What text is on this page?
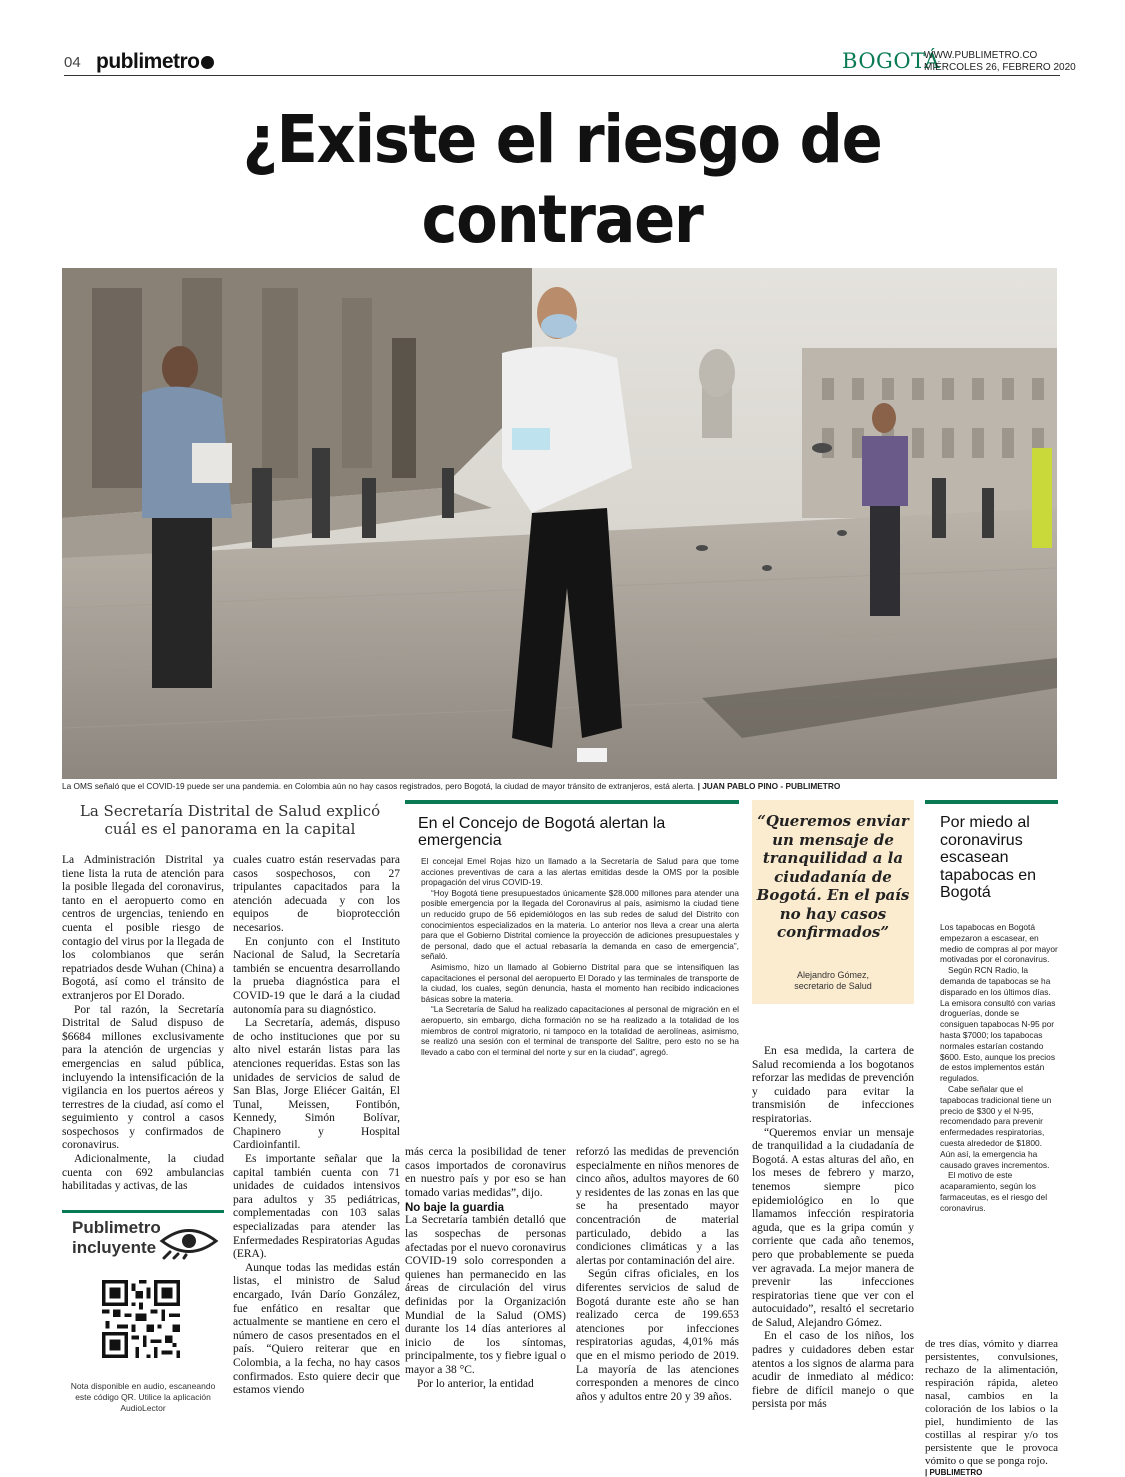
04 publimetro	BOGOTÁ
WWW.PUBLIMETRO.CO
MIÉRCOLES 26, FEBRERO 2020
¿Existe el riesgo de contraer
La OMS señaló que el COVID-19 puede ser una pandemia. en Colombia aún no hay casos registrados, pero Bogotá, la ciudad de mayor tránsito de extranjeros, está alerta. | JUAN PABLO PINO - PUBLIMETRO
La Secretaría Distrital de Salud explicó cuál es el panorama en la capital

La Administración Distrital ya tiene lista la ruta de atención para la posible llegada del coronavirus, tanto en el aeropuerto como en centros de urgencias, teniendo en cuenta el posible riesgo de contagio del virus por la llegada de los colombianos que serán repatriados desde Wuhan (China) a Bogotá, así como el tránsito de extranjeros por El Dorado.

Por tal razón, la Secretaría Distrital de Salud dispuso de $6684 millones exclusivamente para la atención de urgencias y emergencias en salud pública, incluyendo la intensificación de la vigilancia en los puertos aéreos y terrestres de la ciudad, así como el seguimiento y control a casos sospechosos y confirmados de coronavirus.

Adicionalmente, la ciudad cuenta con 692 ambulancias habilitadas y activas, de las

Publimetro
incluyente
Nota disponible en audio, escaneando este código QR. Utilice la aplicación AudioLector

cuales cuatro están reservadas para casos sospechosos, con 27 tripulantes capacitados para la atención adecuada y con los equipos de bioprotección necesarios.

En conjunto con el Instituto Nacional de Salud, la Secretaría también se encuentra desarrollando la prueba diagnóstica para el COVID-19 que le dará a la ciudad autonomía para su diagnóstico.

La Secretaría, además, dispuso de ocho instituciones que por su alto nivel estarán listas para las atenciones requeridas. Estas son las unidades de servicios de salud de San Blas, Jorge Eliécer Gaitán, El Tunal, Meissen, Fontibón, Kennedy, Simón Bolívar, Chapinero y Hospital Cardioinfantil.

Es importante señalar que la capital también cuenta con 71 unidades de cuidados intensivos para adultos y 35 pediátricas, complementadas con 103 salas especializadas para atender las Enfermedades Respiratorias Agudas (ERA).

Aunque todas las medidas están listas, el ministro de Salud encargado, Iván Darío González, fue enfático en resaltar que actualmente se mantiene en cero el número de casos presentados en el país. “Quiero reiterar que en Colombia, a la fecha, no hay casos confirmados. Esto quiere decir que estamos viendo

En el Concejo de Bogotá alertan la emergencia

El concejal Emel Rojas hizo un llamado a la Secretaría de Salud para que tome acciones preventivas de cara a las alertas emitidas desde la OMS por la posible propagación del virus COVID-19.

“Hoy Bogotá tiene presupuestados únicamente $28.000 millones para atender una posible emergencia por la llegada del Coronavirus al país, asimismo la ciudad tiene un reducido grupo de 56 epidemiólogos en las sub redes de salud del Distrito con conocimientos especializados en la materia. Lo anterior nos lleva a crear una alerta para que el Gobierno Distrital comience la proyección de adiciones presupuestales y de personal, dado que el actual rebasaría la demanda en caso de emergencia”, señaló.

Asimismo, hizo un llamado al Gobierno Distrital para que se intensifiquen las capacitaciones el personal del aeropuerto El Dorado y las terminales de transporte de la ciudad, los cuales, según denuncia, hasta el momento han recibido indicaciones básicas sobre la materia.

“La Secretaría de Salud ha realizado capacitaciones al personal de migración en el aeropuerto, sin embargo, dicha formación no se ha realizado a la totalidad de los miembros de control migratorio, ni tampoco en la totalidad de aerolíneas, asimismo, se realizó una sesión con el terminal de transporte del Salitre, pero esto no se ha llevado a cabo con el terminal del norte y sur en la ciudad”, agregó.

más cerca la posibilidad de tener casos importados de coronavirus en nuestro país y por eso se han tomado varias medidas”, dijo.

No baje la guardia

La Secretaría también detalló que las sospechas de personas afectadas por el nuevo coronavirus COVID-19 solo corresponden a quienes han permanecido en las áreas de circulación del virus definidas por la Organización Mundial de la Salud (OMS) durante los 14 días anteriores al inicio de los síntomas, principalmente, tos y fiebre igual o mayor a 38 °C.

Por lo anterior, la entidad

reforzó las medidas de prevención especialmente en niños menores de cinco años, adultos mayores de 60 y residentes de las zonas en las que se ha presentado mayor concentración de material particulado, debido a las condiciones climáticas y a las alertas por contaminación del aire.

Según cifras oficiales, en los diferentes servicios de salud de Bogotá durante este año se han realizado cerca de 199.653 atenciones por infecciones respiratorias agudas, 4,01% más que en el mismo periodo de 2019. La mayoría de las atenciones corresponden a menores de cinco años y adultos entre 20 y 39 años.

“Queremos enviar un mensaje de tranquilidad a la ciudadanía de Bogotá. En el país no hay casos confirmados”
Alejandro Gómez,
secretario de Salud

En esa medida, la cartera de Salud recomienda a los bogotanos reforzar las medidas de prevención y cuidado para evitar la transmisión de infecciones respiratorias.

“Queremos enviar un mensaje de tranquilidad a la ciudadanía de Bogotá. A estas alturas del año, en los meses de febrero y marzo, tenemos siempre pico epidemiológico en lo que llamamos infección respiratoria aguda, que es la gripa común y corriente que cada año tenemos, pero que probablemente se pueda ver agravada. La mejor manera de prevenir las infecciones respiratorias tiene que ver con el autocuidado”, resaltó el secretario de Salud, Alejandro Gómez.

En el caso de los niños, los padres y cuidadores deben estar atentos a los signos de alarma para acudir de inmediato al médico: fiebre de difícil manejo o que persista por más

Por miedo al coronavirus escasean tapabocas en Bogotá

Los tapabocas en Bogotá empezaron a escasear, en medio de compras al por mayor motivadas por el coronavirus.

Según RCN Radio, la demanda de tapabocas se ha disparado en los últimos días. La emisora consultó con varias droguerías, donde se consiguen tapabocas N-95 por hasta $7000; los tapabocas normales estarían costando $600. Esto, aunque los precios de estos implementos están regulados.

Cabe señalar que el tapabocas tradicional tiene un precio de $300 y el N-95, recomendado para prevenir enfermedades respiratorias, cuesta alrededor de $1800. Aún así, la emergencia ha causado graves incrementos.

El motivo de este acaparamiento, según los farmaceutas, es el riesgo del coronavirus.

de tres días, vómito y diarrea persistentes, convulsiones, rechazo de la alimentación, respiración rápida, aleteo nasal, cambios en la coloración de los labios o la piel, hundimiento de las costillas al respirar y/o tos persistente que le provoca vómito o que se ponga rojo.

| PUBLIMETRO
